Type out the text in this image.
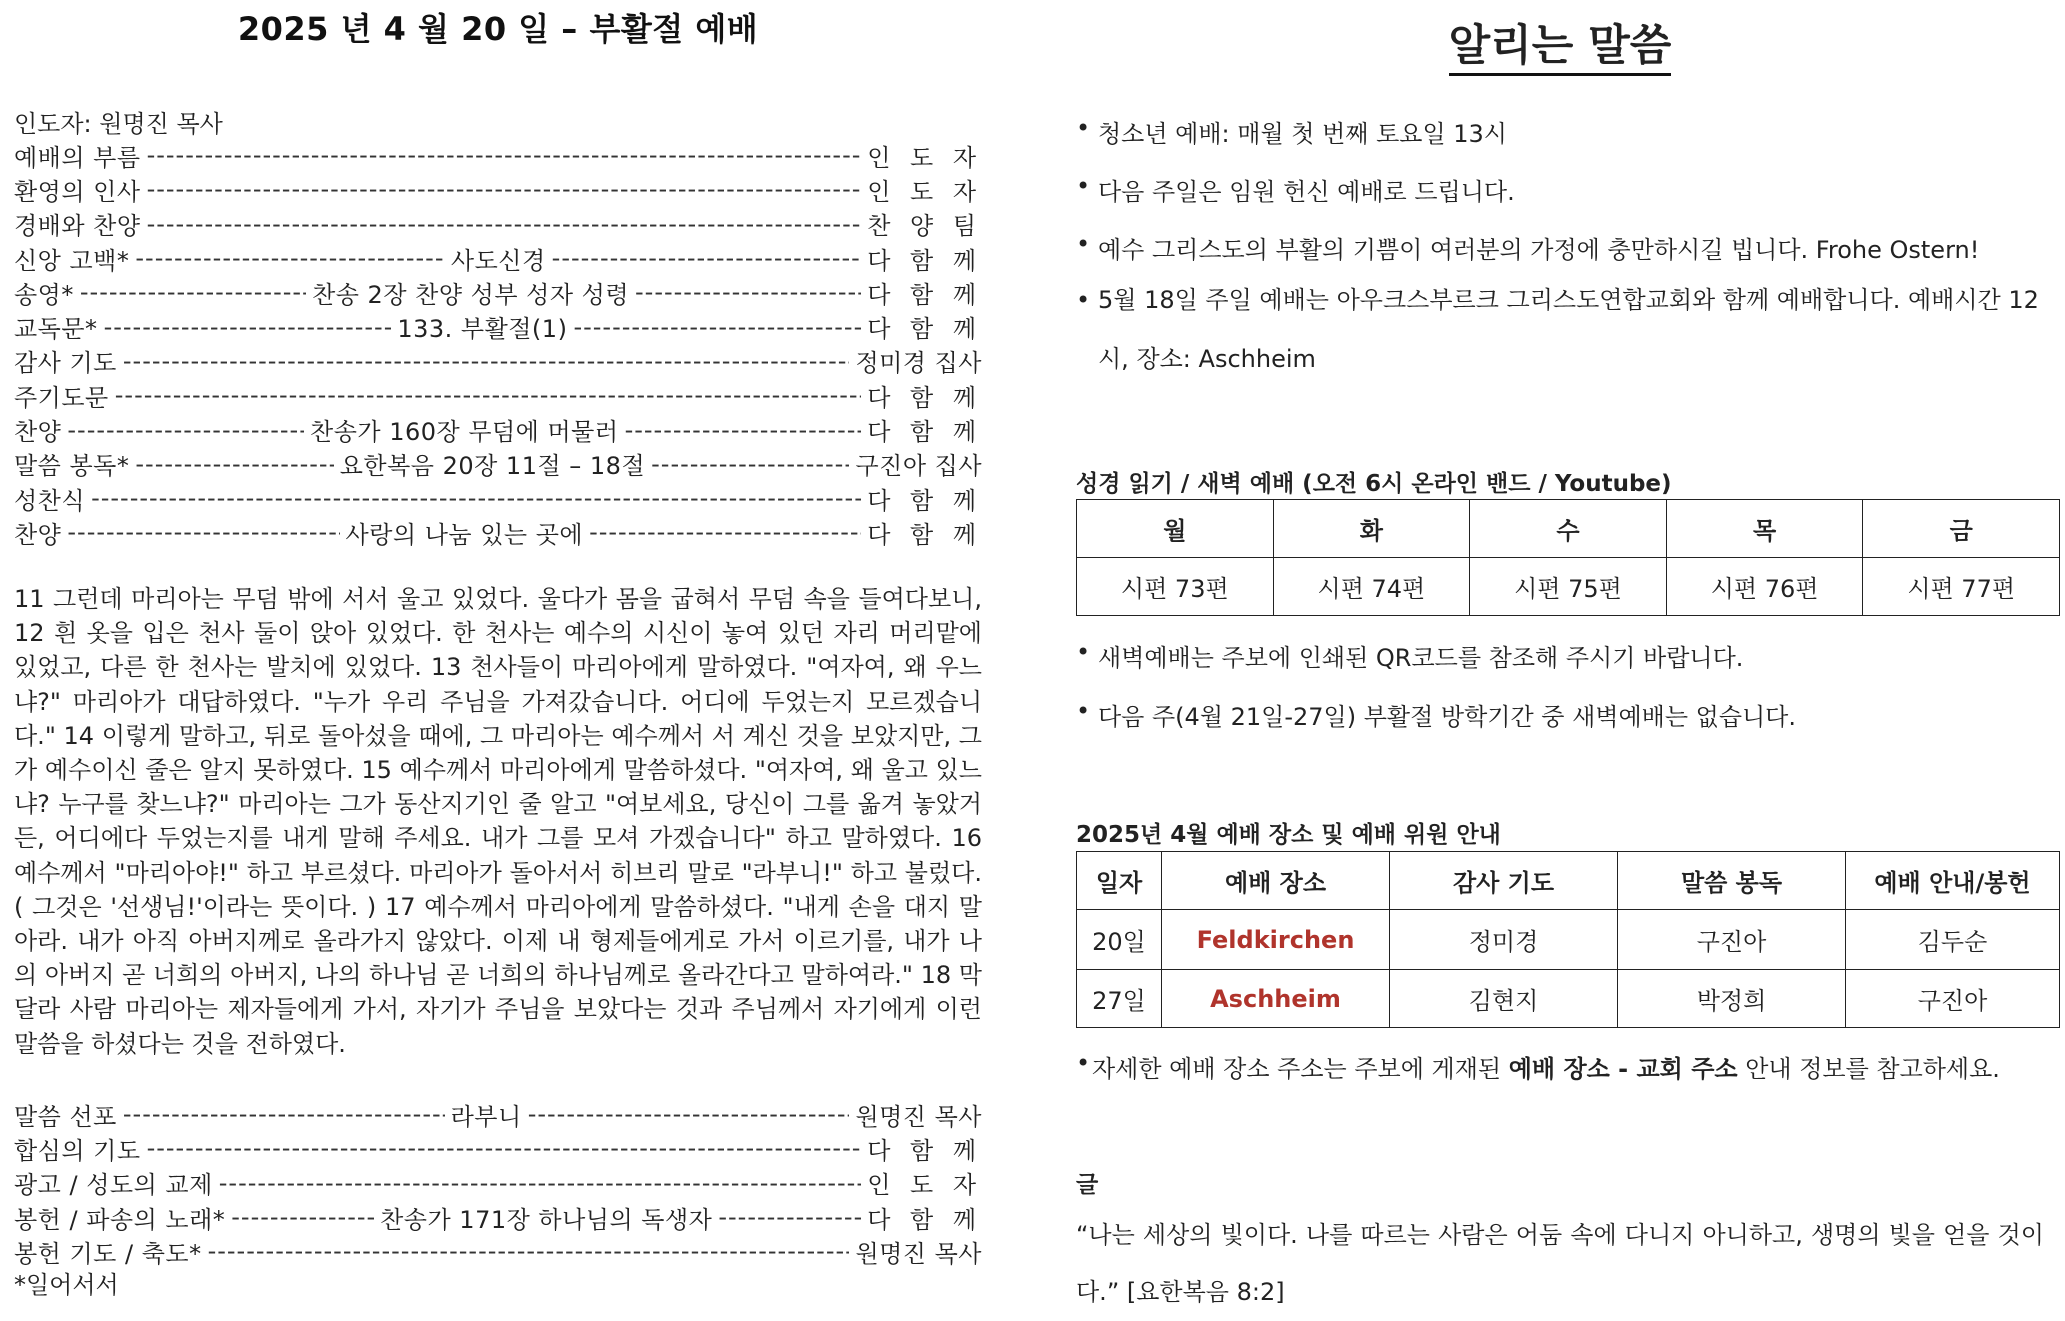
2025 년 4 월 20 일 – 부활절 예배
인도자: 원명진 목사
예배의 부름 -----	인 도 자
환영의 인사 -----	인 도 자
경배와 찬양 -----	찬 양 팀
신앙 고백* -----	사도신경 -----	다 함 께
송영* -----	찬송 2장 찬양 성부 성자 성령 -----	다 함 께
교독문* -----	133. 부활절(1) -----	다 함 께
감사 기도 -----	정미경 집사
주기도문 -----	다 함 께
찬양 -----	찬송가 160장 무덤에 머물러 -----	다 함 께
말씀 봉독* -----	요한복음 20장 11절 – 18절 -----	구진아 집사
성찬식 -----	다 함 께
찬양 -----	사랑의 나눔 있는 곳에 -----	다 함 께
11 그런데 마리아는 무덤 밖에 서서 울고 있었다. 울다가 몸을 굽혀서 무덤 속을 들여다보니, 12 흰 옷을 입은 천사 둘이 앉아 있었다. 한 천사는 예수의 시신이 놓여 있던 자리 머리맡에 있었고, 다른 한 천사는 발치에 있었다. 13 천사들이 마리아에게 말하였다. "여자여, 왜 우느냐?" 마리아가 대답하였다. "누가 우리 주님을 가져갔습니다. 어디에 두었는지 모르겠습니다." 14 이렇게 말하고, 뒤로 돌아섰을 때에, 그 마리아는 예수께서 서 계신 것을 보았지만, 그가 예수이신 줄은 알지 못하였다. 15 예수께서 마리아에게 말씀하셨다. "여자여, 왜 울고 있느냐? 누구를 찾느냐?" 마리아는 그가 동산지기인 줄 알고 "여보세요, 당신이 그를 옮겨 놓았거든, 어디에다 두었는지를 내게 말해 주세요. 내가 그를 모셔 가겠습니다" 하고 말하였다. 16 예수께서 "마리아야!" 하고 부르셨다. 마리아가 돌아서서 히브리 말로 "라부니!" 하고 불렀다. ( 그것은 '선생님!'이라는 뜻이다. ) 17 예수께서 마리아에게 말씀하셨다. "내게 손을 대지 말아라. 내가 아직 아버지께로 올라가지 않았다. 이제 내 형제들에게로 가서 이르기를, 내가 나의 아버지 곧 너희의 아버지, 나의 하나님 곧 너희의 하나님께로 올라간다고 말하여라." 18 막달라 사람 마리아는 제자들에게 가서, 자기가 주님을 보았다는 것과 주님께서 자기에게 이런 말씀을 하셨다는 것을 전하였다.
말씀 선포 -----	라부니 -----	원명진 목사
합심의 기도 -----	다 함 께
광고 / 성도의 교제 -----	인 도 자
봉헌 / 파송의 노래* -----	찬송가 171장 하나님의 독생자 -----	다 함 께
봉헌 기도 / 축도* -----	원명진 목사
*일어서서
알리는 말씀
• 청소년 예배: 매월 첫 번째 토요일 13시
• 다음 주일은 임원 헌신 예배로 드립니다.
• 예수 그리스도의 부활의 기쁨이 여러분의 가정에 충만하시길 빕니다. Frohe Ostern!
• 5월 18일 주일 예배는 아우크스부르크 그리스도연합교회와 함께 예배합니다. 예배시간 12시, 장소: Aschheim
성경 읽기 / 새벽 예배 (오전 6시 온라인 밴드 / Youtube)
월	화	수	목	금
시편 73편	시편 74편	시편 75편	시편 76편	시편 77편
• 새벽예배는 주보에 인쇄된 QR코드를 참조해 주시기 바랍니다.
• 다음 주(4월 21일-27일) 부활절 방학기간 중 새벽예배는 없습니다.
2025년 4월 예배 장소 및 예배 위원 안내
일자	예배 장소	감사 기도	말씀 봉독	예배 안내/봉헌
20일	Feldkirchen	정미경	구진아	김두순
27일	Aschheim	김현지	박정희	구진아
• 자세한 예배 장소 주소는 주보에 게재된 예배 장소 - 교회 주소 안내 정보를 참고하세요.
글
“나는 세상의 빛이다. 나를 따르는 사람은 어둠 속에 다니지 아니하고, 생명의 빛을 얻을 것이다.” [요한복음 8:2]
